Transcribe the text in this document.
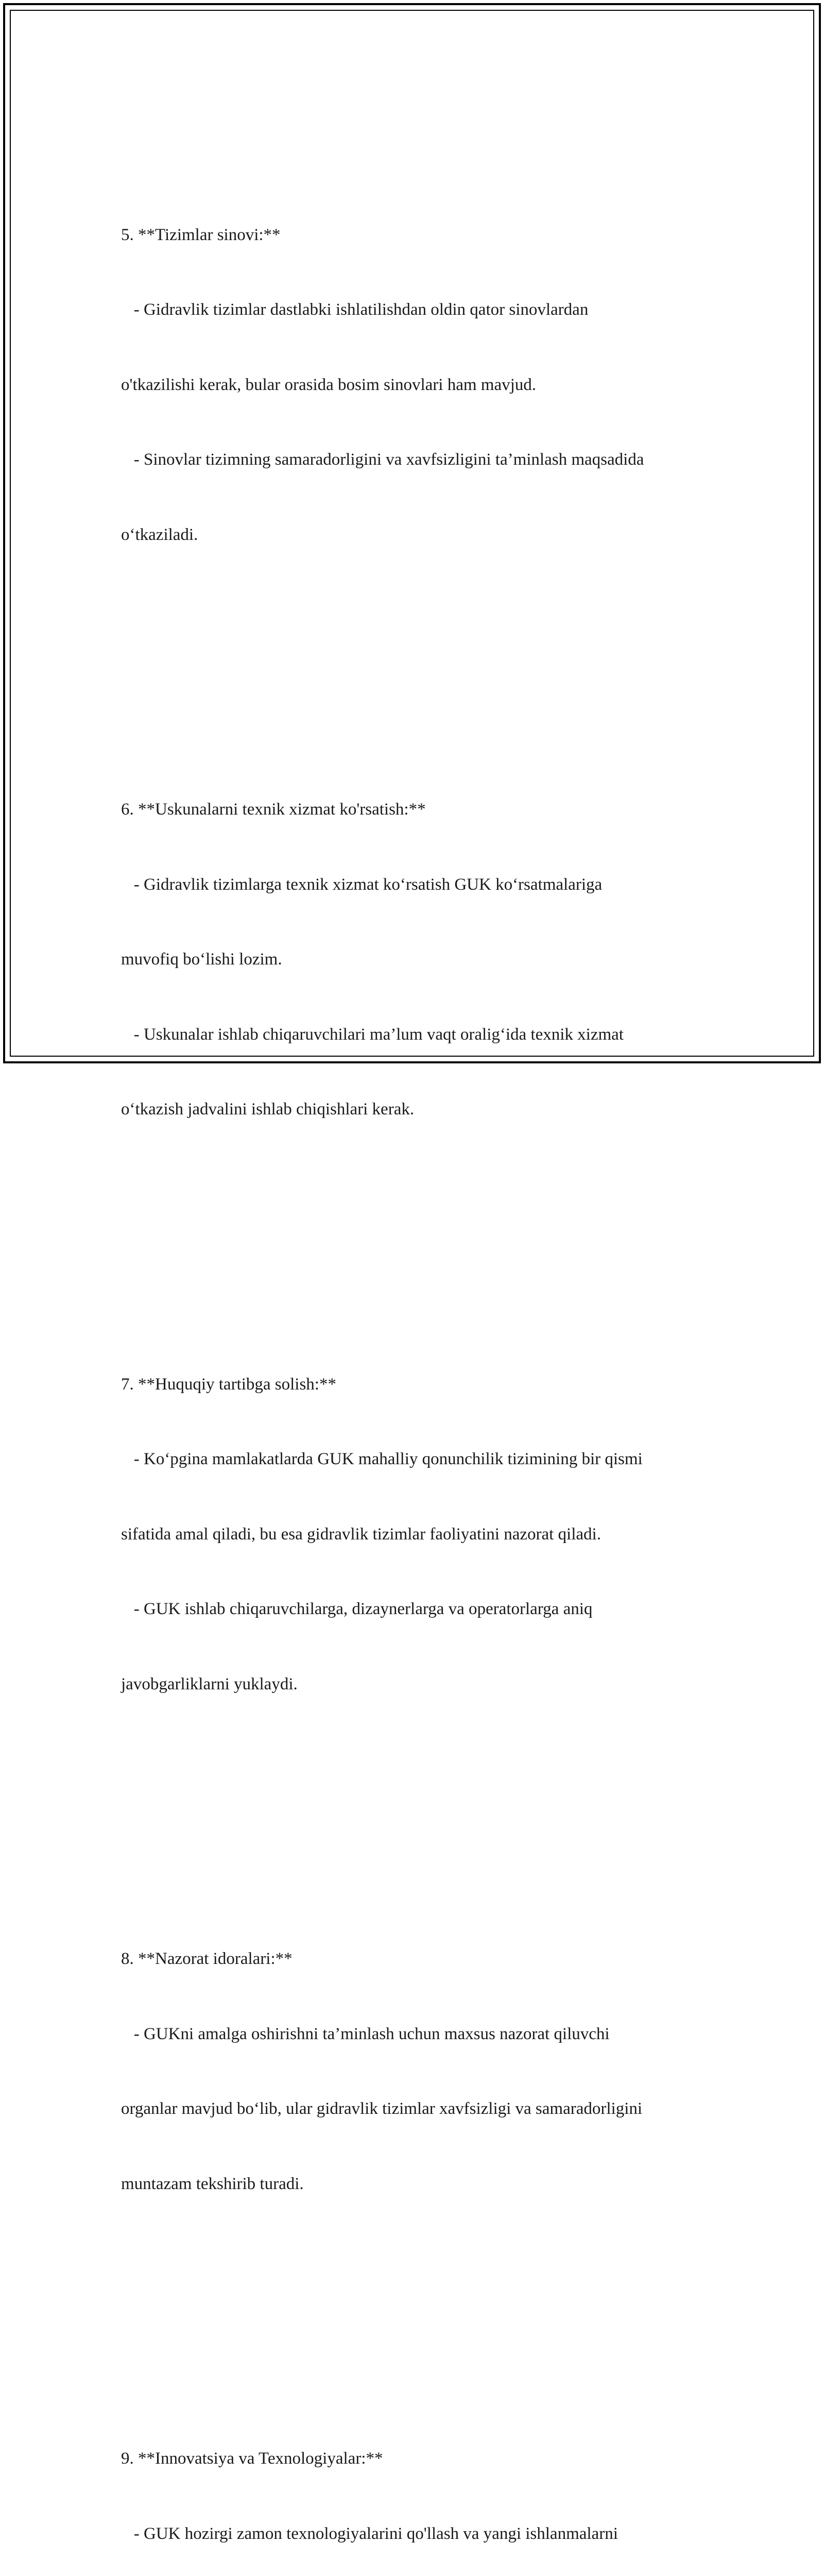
5. **Tizimlar sinovi:**

- Gidravlik tizimlar dastlabki ishlatilishdan oldin qator sinovlardan

o'tkazilishi kerak, bular orasida bosim sinovlari ham mavjud.

- Sinovlar tizimning samaradorligini va xavfsizligini ta’minlash maqsadida

o‘tkaziladi.

6. **Uskunalarni texnik xizmat ko'rsatish:**

- Gidravlik tizimlarga texnik xizmat ko‘rsatish GUK ko‘rsatmalariga

muvofiq bo‘lishi lozim.

- Uskunalar ishlab chiqaruvchilari ma’lum vaqt oralig‘ida texnik xizmat

o‘tkazish jadvalini ishlab chiqishlari kerak.

7. **Huquqiy tartibga solish:**

- Ko‘pgina mamlakatlarda GUK mahalliy qonunchilik tizimining bir qismi

sifatida amal qiladi, bu esa gidravlik tizimlar faoliyatini nazorat qiladi.

- GUK ishlab chiqaruvchilarga, dizaynerlarga va operatorlarga aniq

javobgarliklarni yuklaydi.

8. **Nazorat idoralari:**

- GUKni amalga oshirishni ta’minlash uchun maxsus nazorat qiluvchi

organlar mavjud bo‘lib, ular gidravlik tizimlar xavfsizligi va samaradorligini

muntazam tekshirib turadi.

9. **Innovatsiya va Texnologiyalar:**

- GUK hozirgi zamon texnologiyalarini qo'llash va yangi ishlanmalarni
